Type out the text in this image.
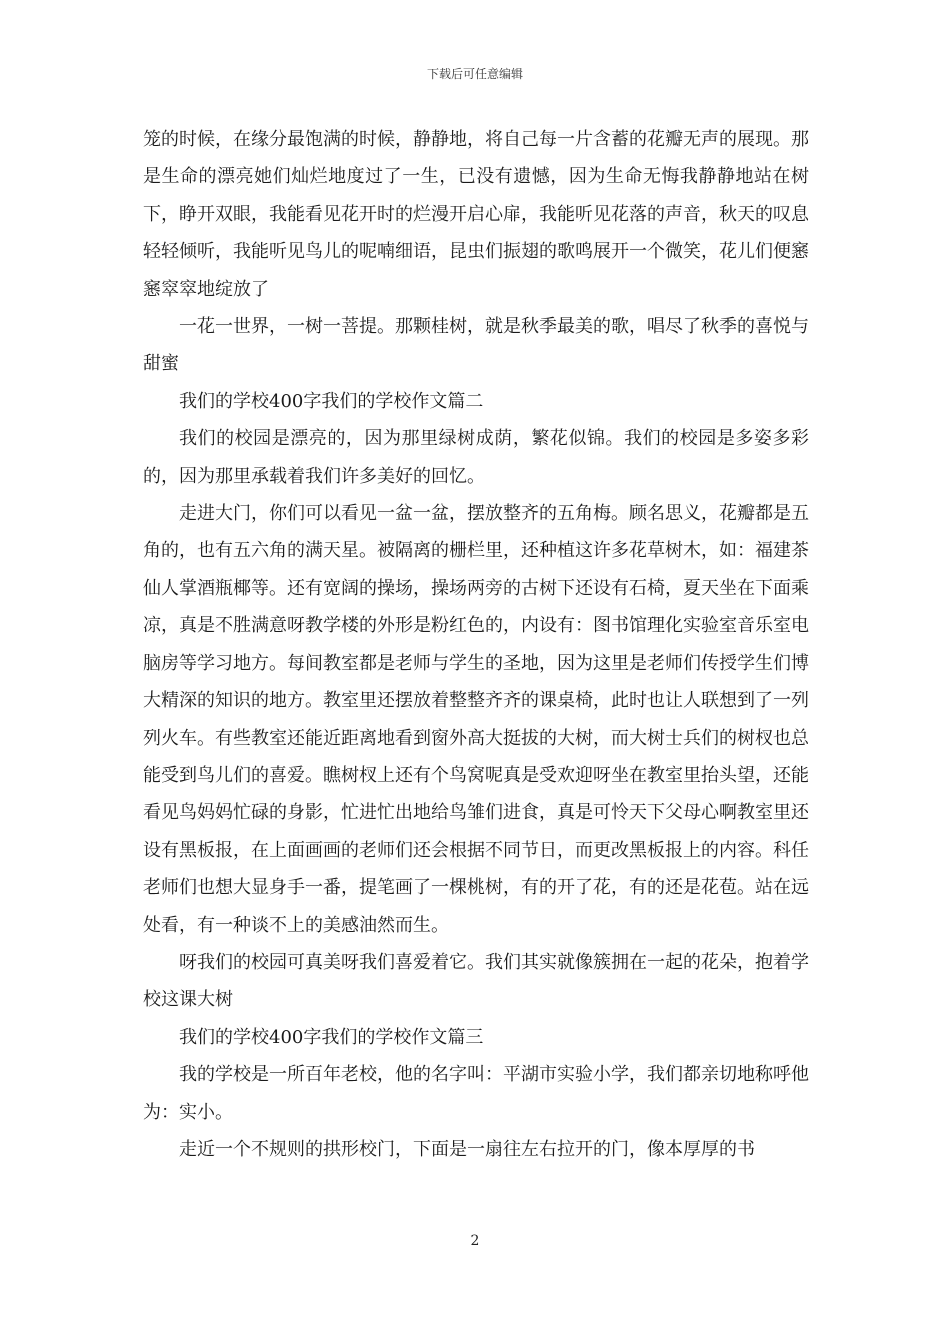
下载后可任意编辑

笼的时候，在缘分最饱满的时候，静静地，将自己每一片含蓄的花瓣无声的展现。那是生命的漂亮她们灿烂地度过了一生，已没有遗憾，因为生命无悔我静静地站在树下，睁开双眼，我能看见花开时的烂漫开启心扉，我能听见花落的声音，秋天的叹息轻轻倾听，我能听见鸟儿的呢喃细语，昆虫们振翅的歌鸣展开一个微笑，花儿们便窸窸窣窣地绽放了

一花一世界，一树一菩提。那颗桂树，就是秋季最美的歌，唱尽了秋季的喜悦与甜蜜

我们的学校400字我们的学校作文篇二

我们的校园是漂亮的，因为那里绿树成荫，繁花似锦。我们的校园是多姿多彩的，因为那里承载着我们许多美好的回忆。

走进大门，你们可以看见一盆一盆，摆放整齐的五角梅。顾名思义，花瓣都是五角的，也有五六角的满天星。被隔离的栅栏里，还种植这许多花草树木，如：福建茶仙人掌酒瓶椰等。还有宽阔的操场，操场两旁的古树下还设有石椅，夏天坐在下面乘凉，真是不胜满意呀教学楼的外形是粉红色的，内设有：图书馆理化实验室音乐室电脑房等学习地方。每间教室都是老师与学生的圣地，因为这里是老师们传授学生们博大精深的知识的地方。教室里还摆放着整整齐齐的课桌椅，此时也让人联想到了一列列火车。有些教室还能近距离地看到窗外高大挺拔的大树，而大树士兵们的树杈也总能受到鸟儿们的喜爱。瞧树杈上还有个鸟窝呢真是受欢迎呀坐在教室里抬头望，还能看见鸟妈妈忙碌的身影，忙进忙出地给鸟雏们进食，真是可怜天下父母心啊教室里还设有黑板报，在上面画画的老师们还会根据不同节日，而更改黑板报上的内容。科任老师们也想大显身手一番，提笔画了一棵桃树，有的开了花，有的还是花苞。站在远处看，有一种谈不上的美感油然而生。

呀我们的校园可真美呀我们喜爱着它。我们其实就像簇拥在一起的花朵，抱着学校这课大树

我们的学校400字我们的学校作文篇三

我的学校是一所百年老校，他的名字叫：平湖市实验小学，我们都亲切地称呼他为：实小。

走近一个不规则的拱形校门，下面是一扇往左右拉开的门，像本厚厚的书

2
